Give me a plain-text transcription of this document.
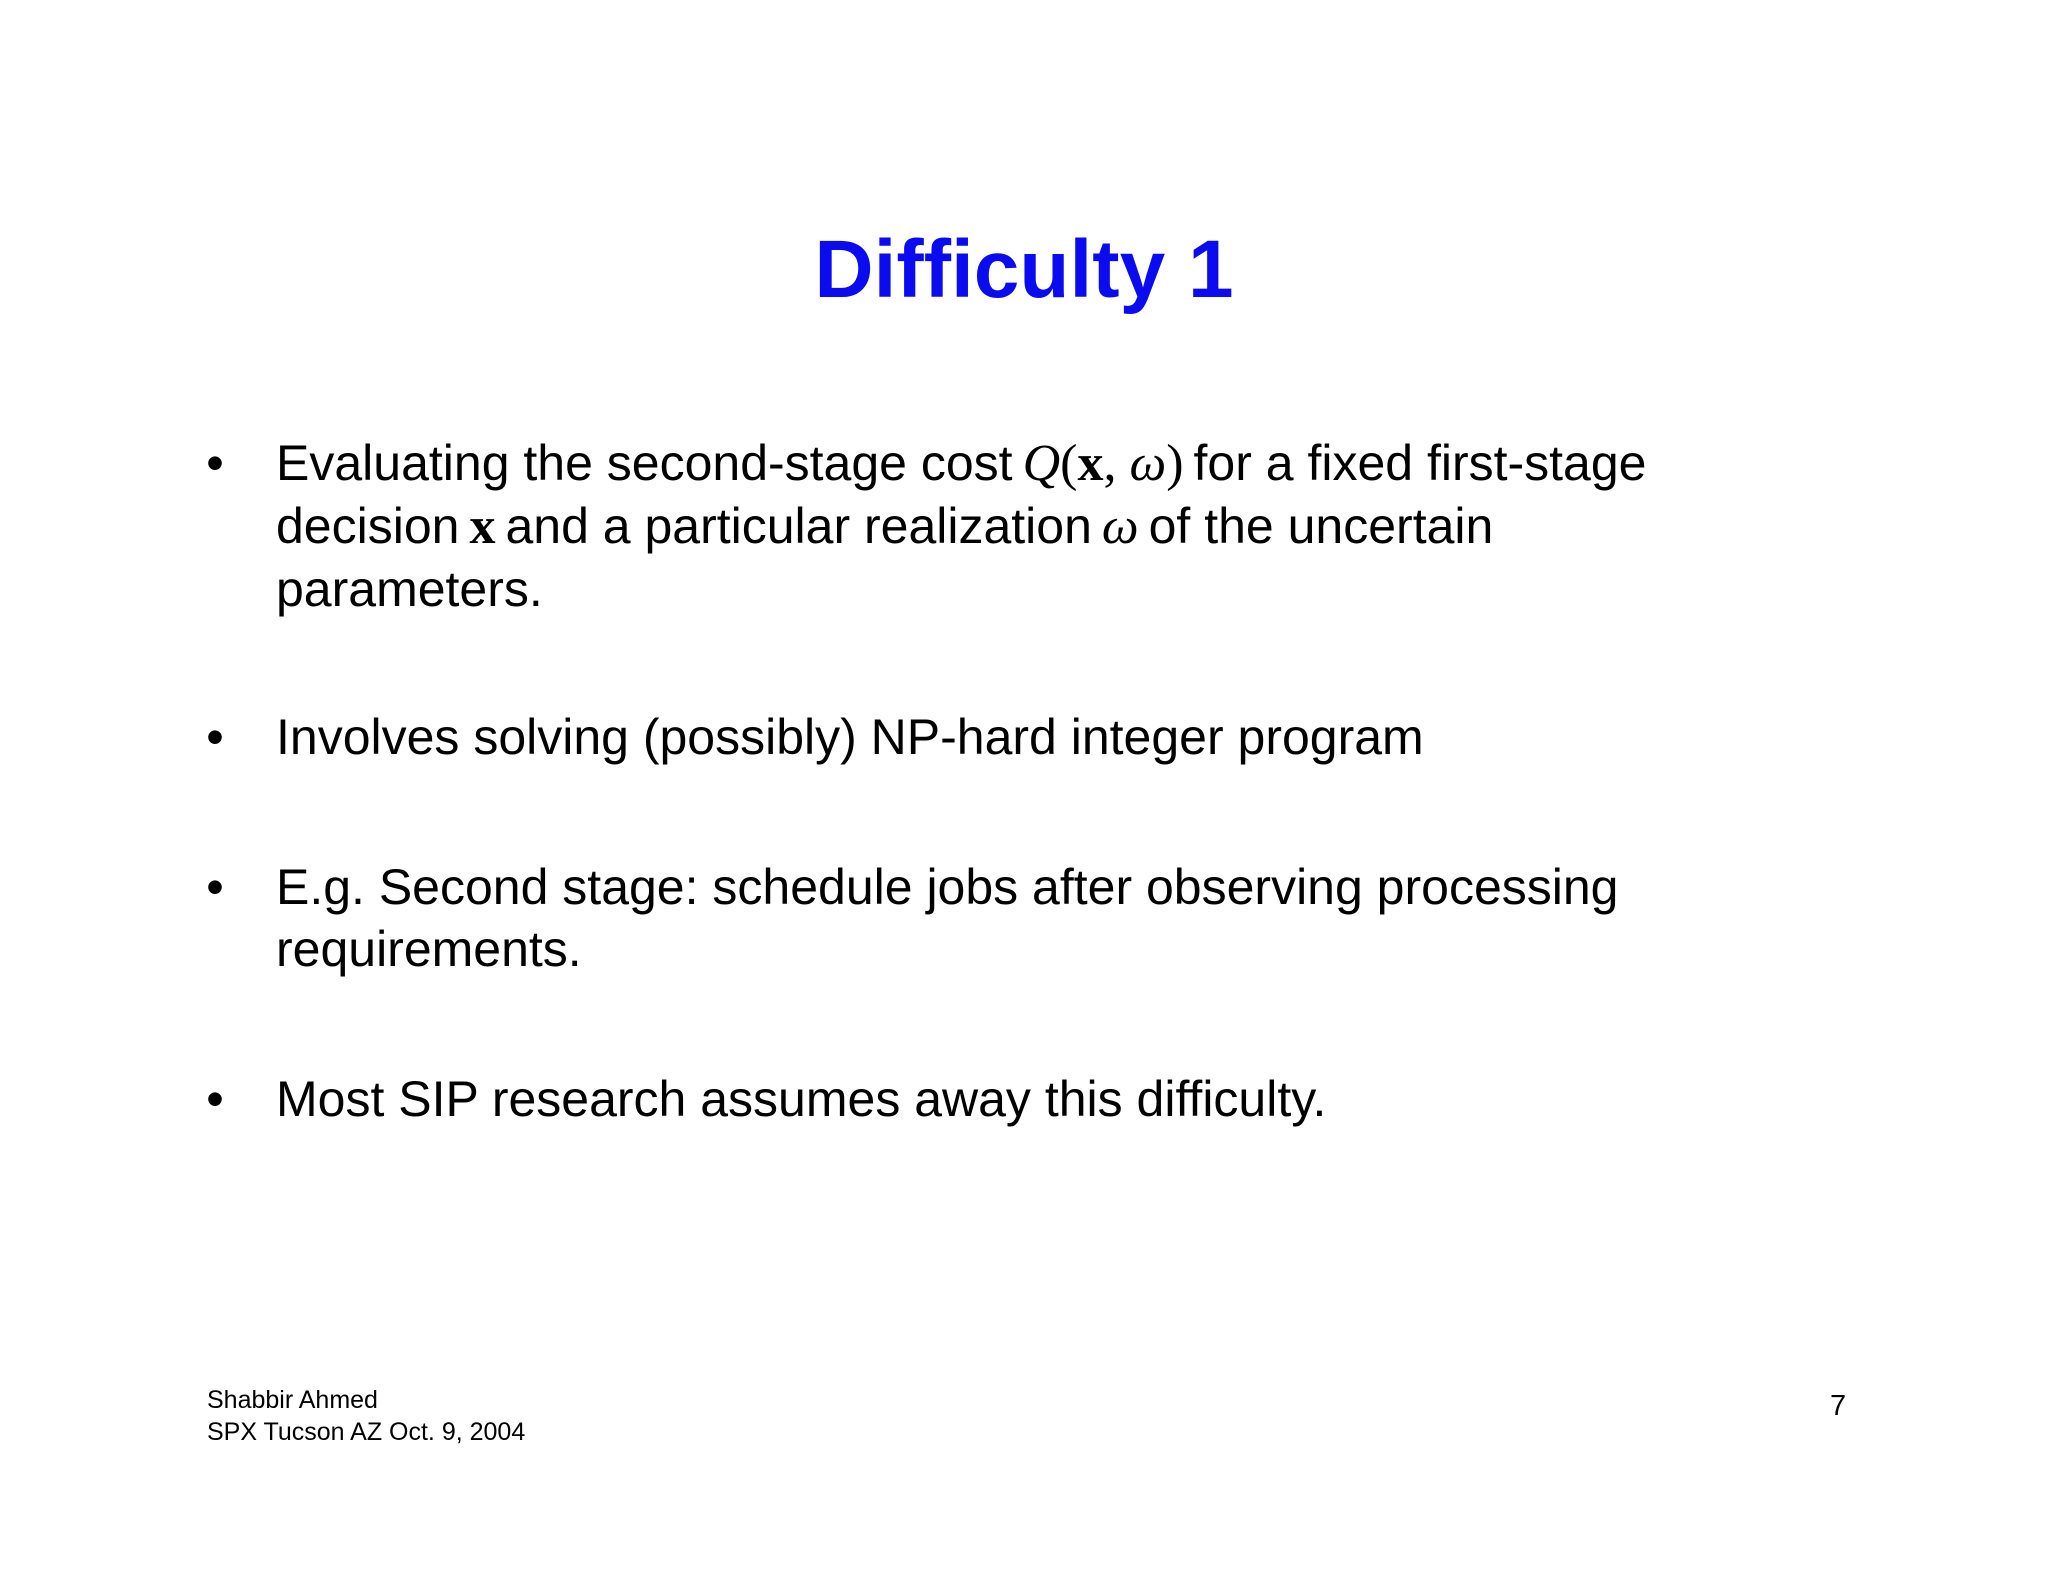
Difficulty 1
• Evaluating the second-stage cost Q(x, ω) for a fixed first-stage
decision x and a particular realization ω of the uncertain
parameters.
• Involves solving (possibly) NP-hard integer program
• E.g. Second stage: schedule jobs after observing processing
requirements.
• Most SIP research assumes away this difficulty.
Shabbir Ahmed
SPX Tucson AZ Oct. 9, 2004
7
